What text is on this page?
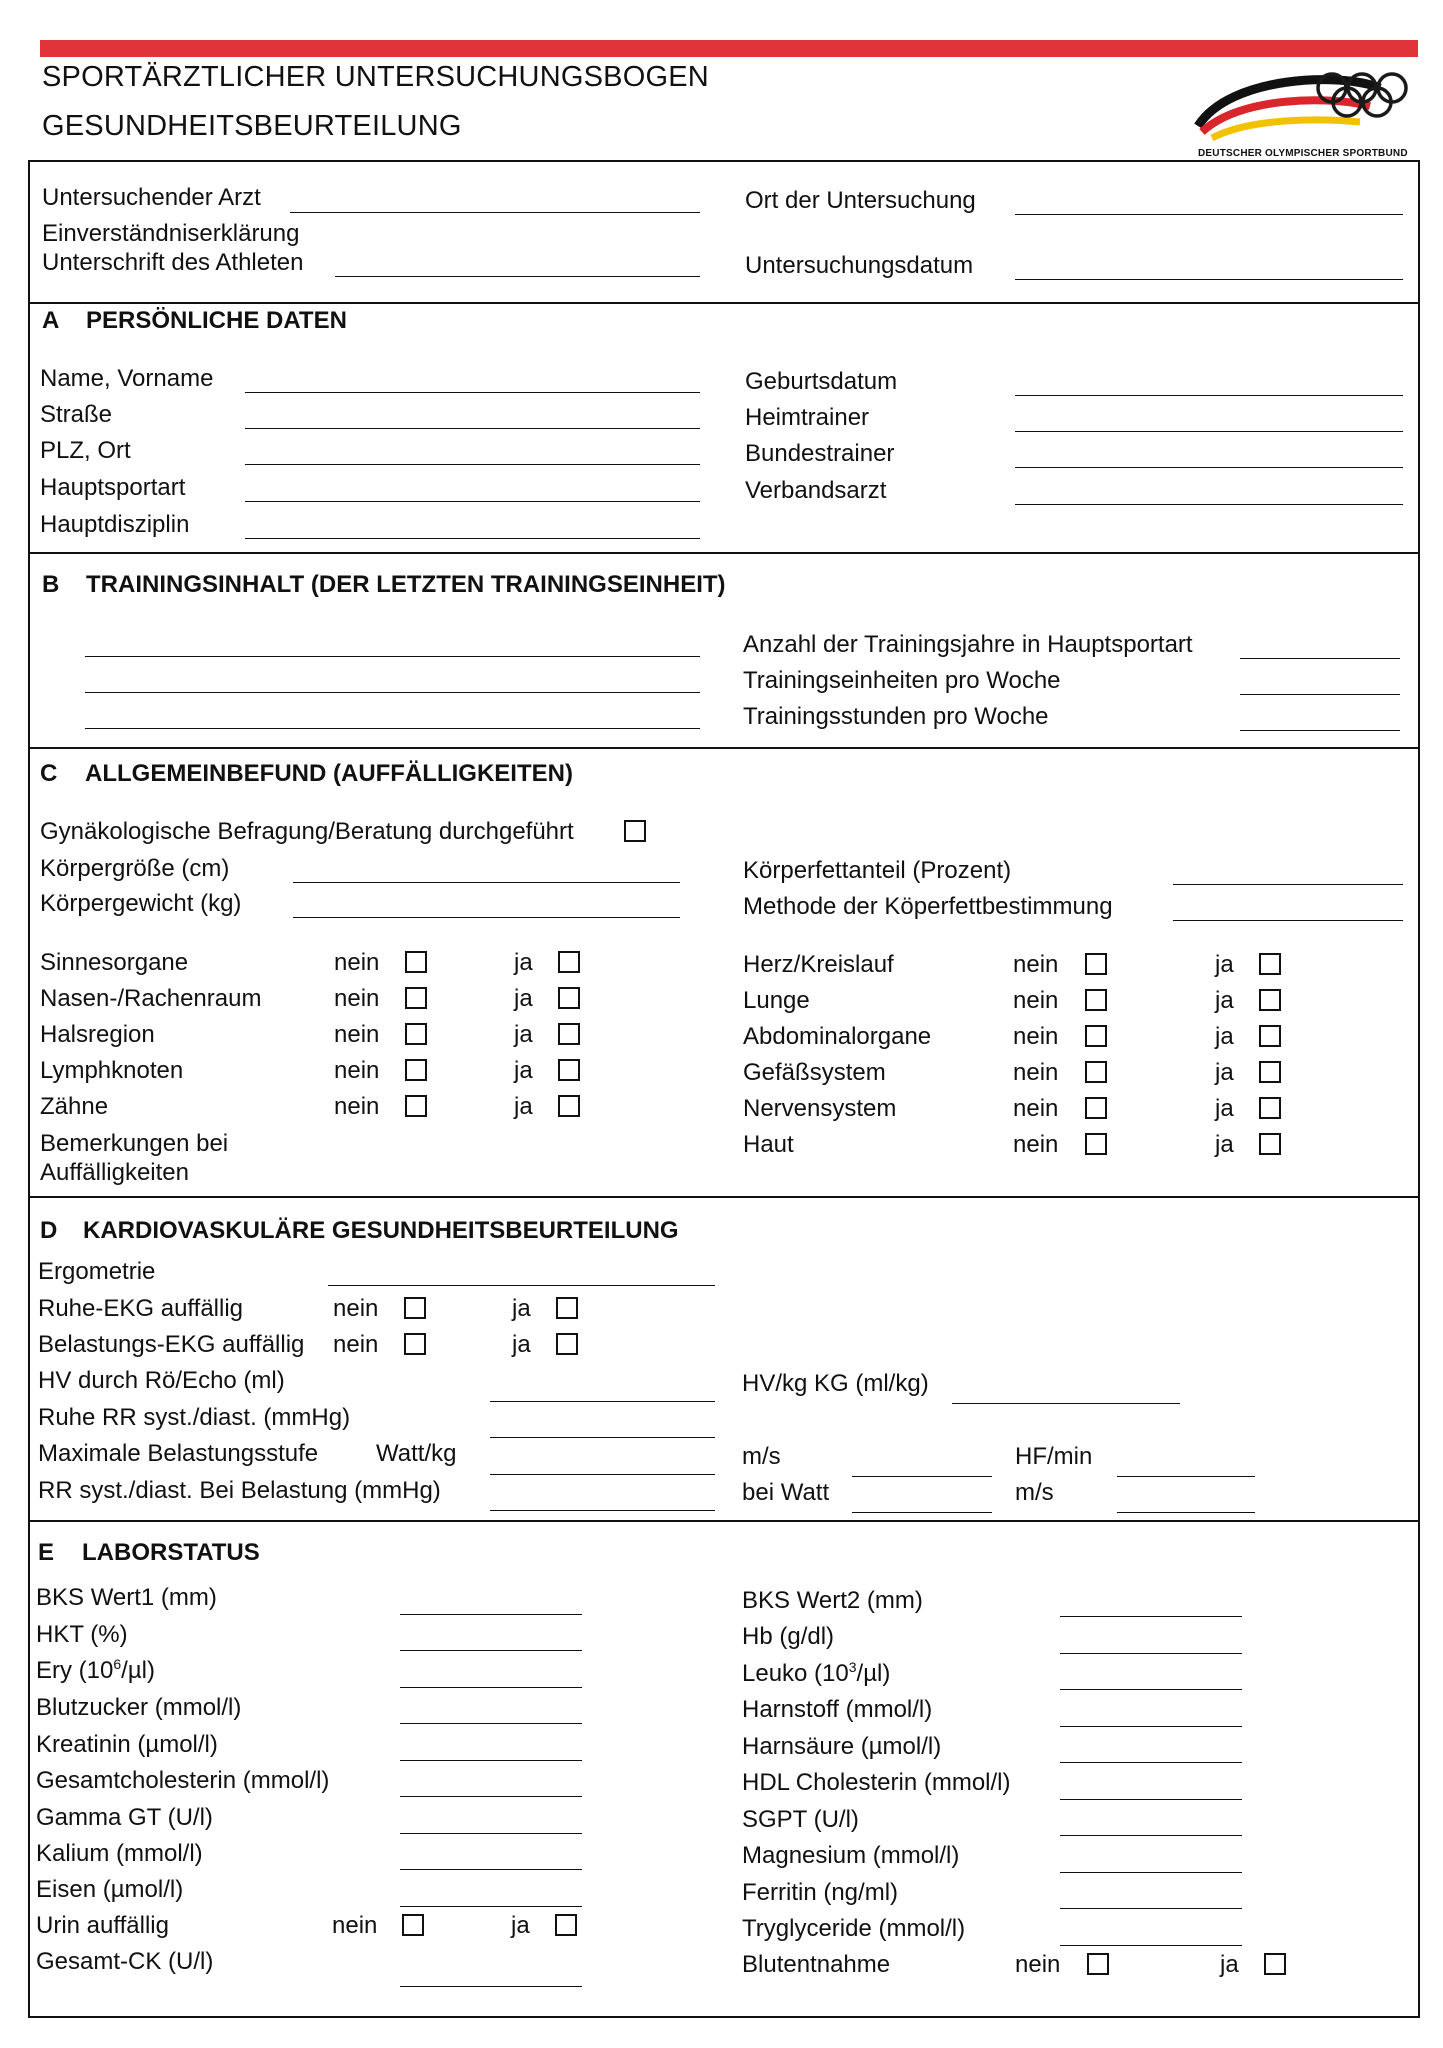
SPORTÄRZTLICHER UNTERSUCHUNGSBOGEN
GESUNDHEITSBEURTEILUNG
DEUTSCHER OLYMPISCHER SPORTBUND
Untersuchender Arzt	Ort der Untersuchung
Einverständniserklärung
Unterschrift des Athleten	Untersuchungsdatum
A PERSÖNLICHE DATEN
Name, Vorname
Straße
PLZ, Ort
Hauptsportart
Hauptdisziplin
Geburtsdatum
Heimtrainer
Bundestrainer
Verbandsarzt
B TRAININGSINHALT (DER LETZTEN TRAININGSEINHEIT)
Anzahl der Trainingsjahre in Hauptsportart
Trainingseinheiten pro Woche
Trainingsstunden pro Woche
C ALLGEMEINBEFUND (AUFFÄLLIGKEITEN)
Gynäkologische Befragung/Beratung durchgeführt
Körpergröße (cm)
Körpergewicht (kg)
Körperfettanteil (Prozent)
Methode der Köperfettbestimmung
Sinnesorgane	nein	ja
Nasen-/Rachenraum	nein	ja
Halsregion	nein	ja
Lymphknoten	nein	ja
Zähne	nein	ja
Bemerkungen bei
Auffälligkeiten
Herz/Kreislauf	nein	ja
Lunge	nein	ja
Abdominalorgane	nein	ja
Gefäßsystem	nein	ja
Nervensystem	nein	ja
Haut	nein	ja
D KARDIOVASKULÄRE GESUNDHEITSBEURTEILUNG
Ergometrie
Ruhe-EKG auffällig	nein	ja
Belastungs-EKG auffällig nein	ja
HV durch Rö/Echo (ml)	HV/kg KG (ml/kg)
Ruhe RR syst./diast. (mmHg)
Maximale Belastungsstufe Watt/kg	m/s	HF/min
RR syst./diast. Bei Belastung (mmHg)	bei Watt	m/s
E LABORSTATUS
BKS Wert1 (mm)
HKT (%)
Ery $(10^6/\mu l)$
Blutzucker (mmol/l)
Kreatinin (µmol/l)
Gesamtcholesterin (mmol/l)
Gamma GT (U/l)
Kalium (mmol/l)
Eisen (µmol/l)
Urin auffällig	nein	ja
Gesamt-CK (U/l)
BKS Wert2 (mm)
Hb (g/dl)
Leuko $(10^3/\mu l)$
Harnstoff (mmol/l)
Harnsäure (µmol/l)
HDL Cholesterin (mmol/l)
SGPT (U/l)
Magnesium (mmol/l)
Ferritin (ng/ml)
Tryglyceride (mmol/l)
Blutentnahme	nein	ja
